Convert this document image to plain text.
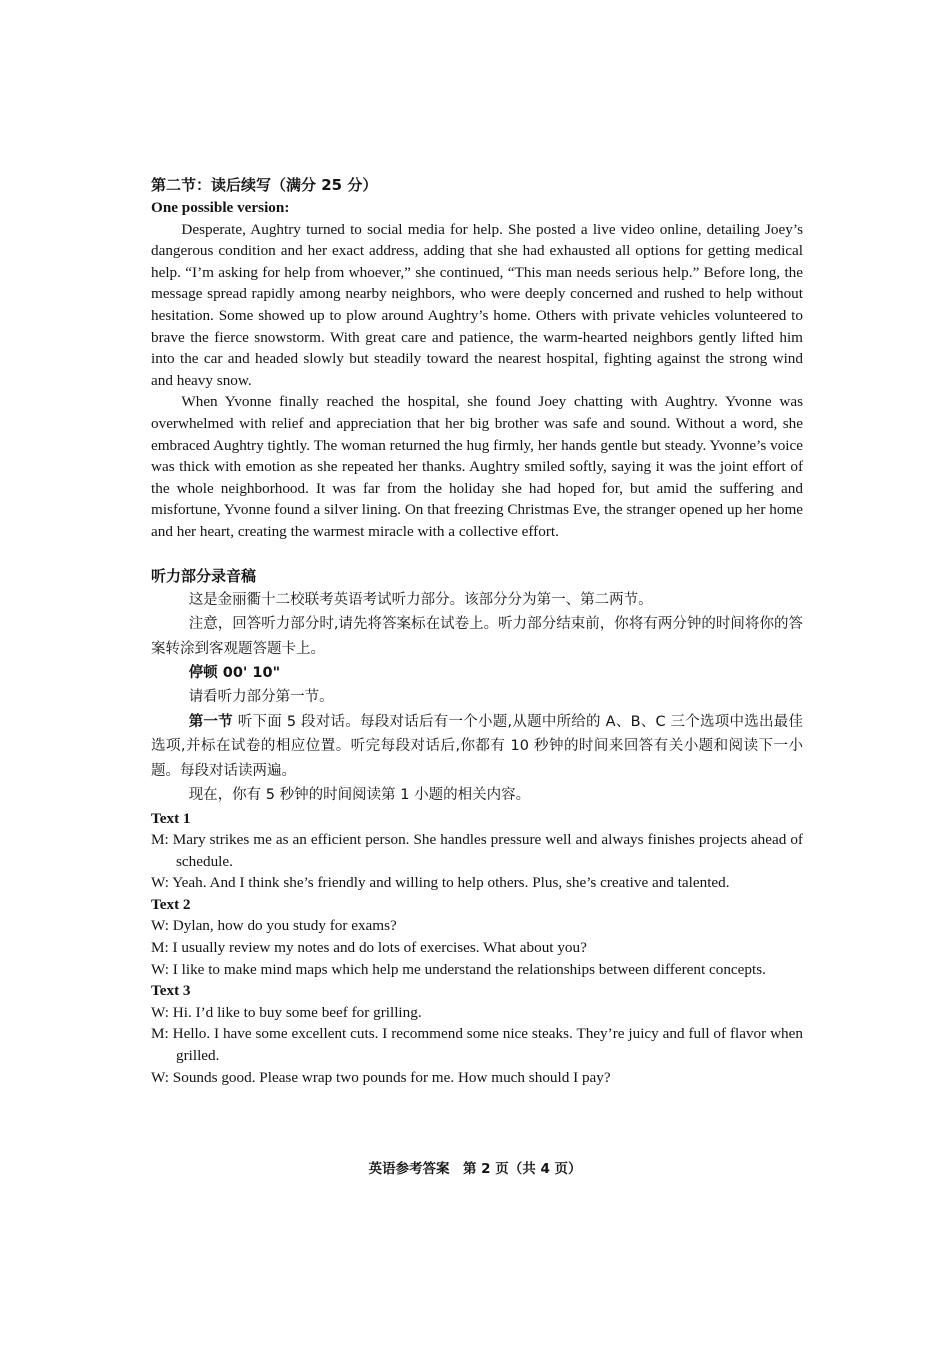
第二节：读后续写（满分 25 分）
One possible version:

Desperate, Aughtry turned to social media for help. She posted a live video online, detailing Joey’s dangerous condition and her exact address, adding that she had exhausted all options for getting medical help. “I’m asking for help from whoever,” she continued, “This man needs serious help.” Before long, the message spread rapidly among nearby neighbors, who were deeply concerned and rushed to help without hesitation. Some showed up to plow around Aughtry’s home. Others with private vehicles volunteered to brave the fierce snowstorm. With great care and patience, the warm-hearted neighbors gently lifted him into the car and headed slowly but steadily toward the nearest hospital, fighting against the strong wind and heavy snow.

When Yvonne finally reached the hospital, she found Joey chatting with Aughtry. Yvonne was overwhelmed with relief and appreciation that her big brother was safe and sound. Without a word, she embraced Aughtry tightly. The woman returned the hug firmly, her hands gentle but steady. Yvonne’s voice was thick with emotion as she repeated her thanks. Aughtry smiled softly, saying it was the joint effort of the whole neighborhood. It was far from the holiday she had hoped for, but amid the suffering and misfortune, Yvonne found a silver lining. On that freezing Christmas Eve, the stranger opened up her home and her heart, creating the warmest miracle with a collective effort.

听力部分录音稿

这是金丽衢十二校联考英语考试听力部分。该部分分为第一、第二两节。

注意，回答听力部分时,请先将答案标在试卷上。听力部分结束前，你将有两分钟的时间将你的答案转涂到客观题答题卡上。

停顿 00' 10"

请看听力部分第一节。

第一节 听下面 5 段对话。每段对话后有一个小题,从题中所给的 A、B、C 三个选项中选出最佳选项,并标在试卷的相应位置。听完每段对话后,你都有 10 秒钟的时间来回答有关小题和阅读下一小题。每段对话读两遍。

现在，你有 5 秒钟的时间阅读第 1 小题的相关内容。

Text 1

M: Mary strikes me as an efficient person. She handles pressure well and always finishes projects ahead of schedule.

W: Yeah. And I think she’s friendly and willing to help others. Plus, she’s creative and talented.

Text 2

W: Dylan, how do you study for exams?

M: I usually review my notes and do lots of exercises. What about you?

W: I like to make mind maps which help me understand the relationships between different concepts.

Text 3

W: Hi. I’d like to buy some beef for grilling.

M: Hello. I have some excellent cuts. I recommend some nice steaks. They’re juicy and full of flavor when grilled.

W: Sounds good. Please wrap two pounds for me. How much should I pay?

英语参考答案　第 2 页（共 4 页）
